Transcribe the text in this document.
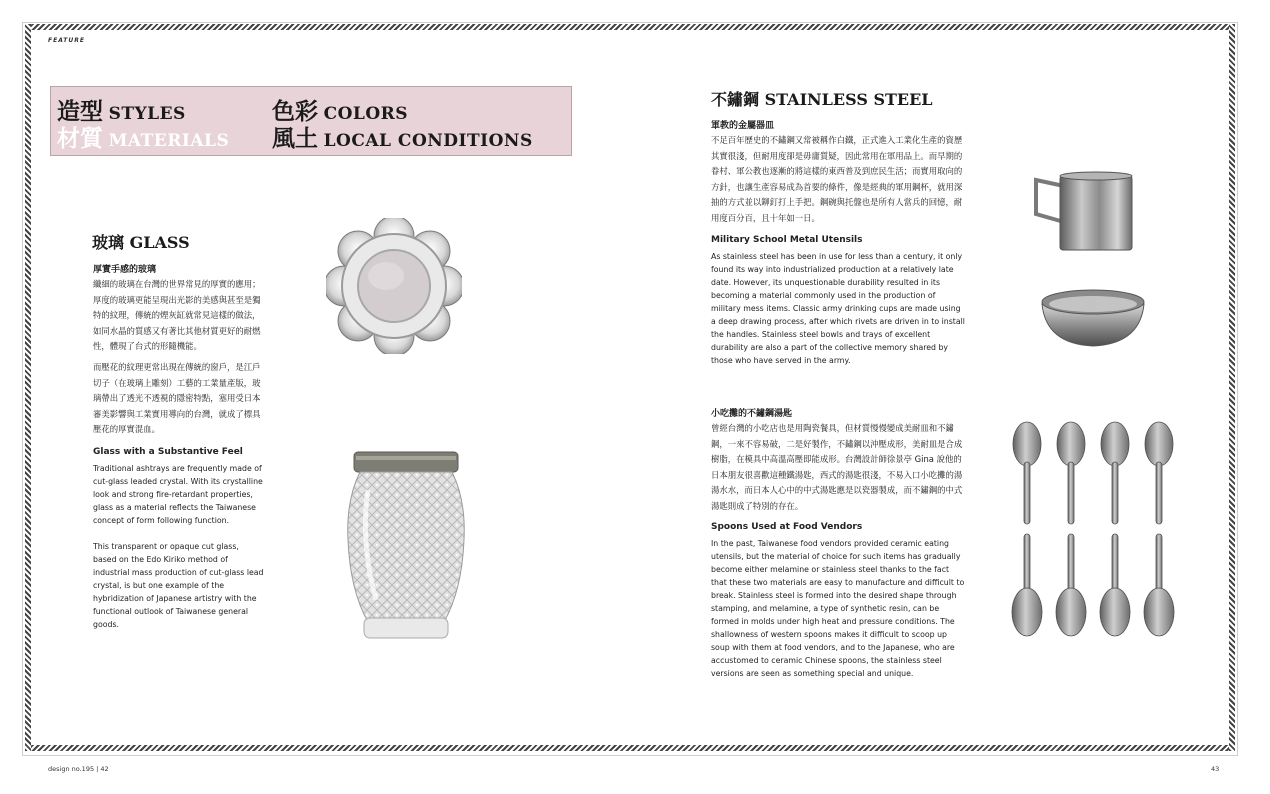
FEATURE
造型 STYLES	色彩 COLORS
材質 MATERIALS 風土 LOCAL CONDITIONS
玻璃 GLASS
厚實手感的玻璃
纖細的玻璃在台灣的世界常見的厚實的應用；厚度的玻璃更能呈現出光影的美感與甚至是獨特的紋理，傳統的煙灰缸就常見這樣的做法，如同水晶的質感又有著比其他材質更好的耐燃性，體現了台式的形隨機能。
而壓花的紋理更常出現在傳統的窗戶，是江戶切子（在玻璃上雕刻）工藝的工業量產版，玻璃帶出了透光不透視的隱密特點，塞用受日本審美影響與工業實用導向的台灣，就成了標具壓花的厚實混血。
Glass with a Substantive Feel
Traditional ashtrays are frequently made of cut-glass leaded crystal. With its crystalline look and strong fire-retardant properties, glass as a material reflects the Taiwanese concept of form following function.
This transparent or opaque cut glass, based on the Edo Kiriko method of industrial mass production of cut-glass lead crystal, is but one example of the hybridization of Japanese artistry with the functional outlook of Taiwanese general goods.
不鏽鋼 STAINLESS STEEL
軍教的金屬器皿
不足百年歷史的不鏽鋼又常被稱作白鐵，正式進入工業化生產的資歷其實很淺，但耐用度卻是毋庸質疑，因此常用在軍用品上。而早期的眷村、軍公教也逐漸的將這樣的東西普及到庶民生活；而實用取向的方針，也讓生產容易成為首要的條件，像是經典的軍用鋼杯，就用深抽的方式並以鉚釘打上手把。鋼碗與托盤也是所有人當兵的回憶，耐用度百分百，且十年如一日。
Military School Metal Utensils
As stainless steel has been in use for less than a century, it only found its way into industrialized production at a relatively late date. However, its unquestionable durability resulted in its becoming a material commonly used in the production of military mess items. Classic army drinking cups are made using a deep drawing process, after which rivets are driven in to install the handles. Stainless steel bowls and trays of excellent durability are also a part of the collective memory shared by those who have served in the army.
小吃攤的不鏽鋼湯匙
曾經台灣的小吃店也是用陶瓷餐具，但材質慢慢變成美耐皿和不鏽鋼，一來不容易破，二是好製作，不鏽鋼以沖壓成形，美耐皿是合成樹脂，在模具中高溫高壓即能成形。台灣設計師徐景亭 Gina 說他的日本朋友很喜歡這種鐵湯匙，西式的湯匙很淺，不易入口小吃攤的湯湯水水，而日本人心中的中式湯匙應是以瓷器製成，而不鏽鋼的中式湯匙則成了特別的存在。
Spoons Used at Food Vendors
In the past, Taiwanese food vendors provided ceramic eating utensils, but the material of choice for such items has gradually become either melamine or stainless steel thanks to the fact that these two materials are easy to manufacture and difficult to break. Stainless steel is formed into the desired shape through stamping, and melamine, a type of synthetic resin, can be formed in molds under high heat and pressure conditions. The shallowness of western spoons makes it difficult to scoop up soup with them at food vendors, and to the Japanese, who are accustomed to ceramic Chinese spoons, the stainless steel versions are seen as something special and unique.
design no.195 | 42	43
